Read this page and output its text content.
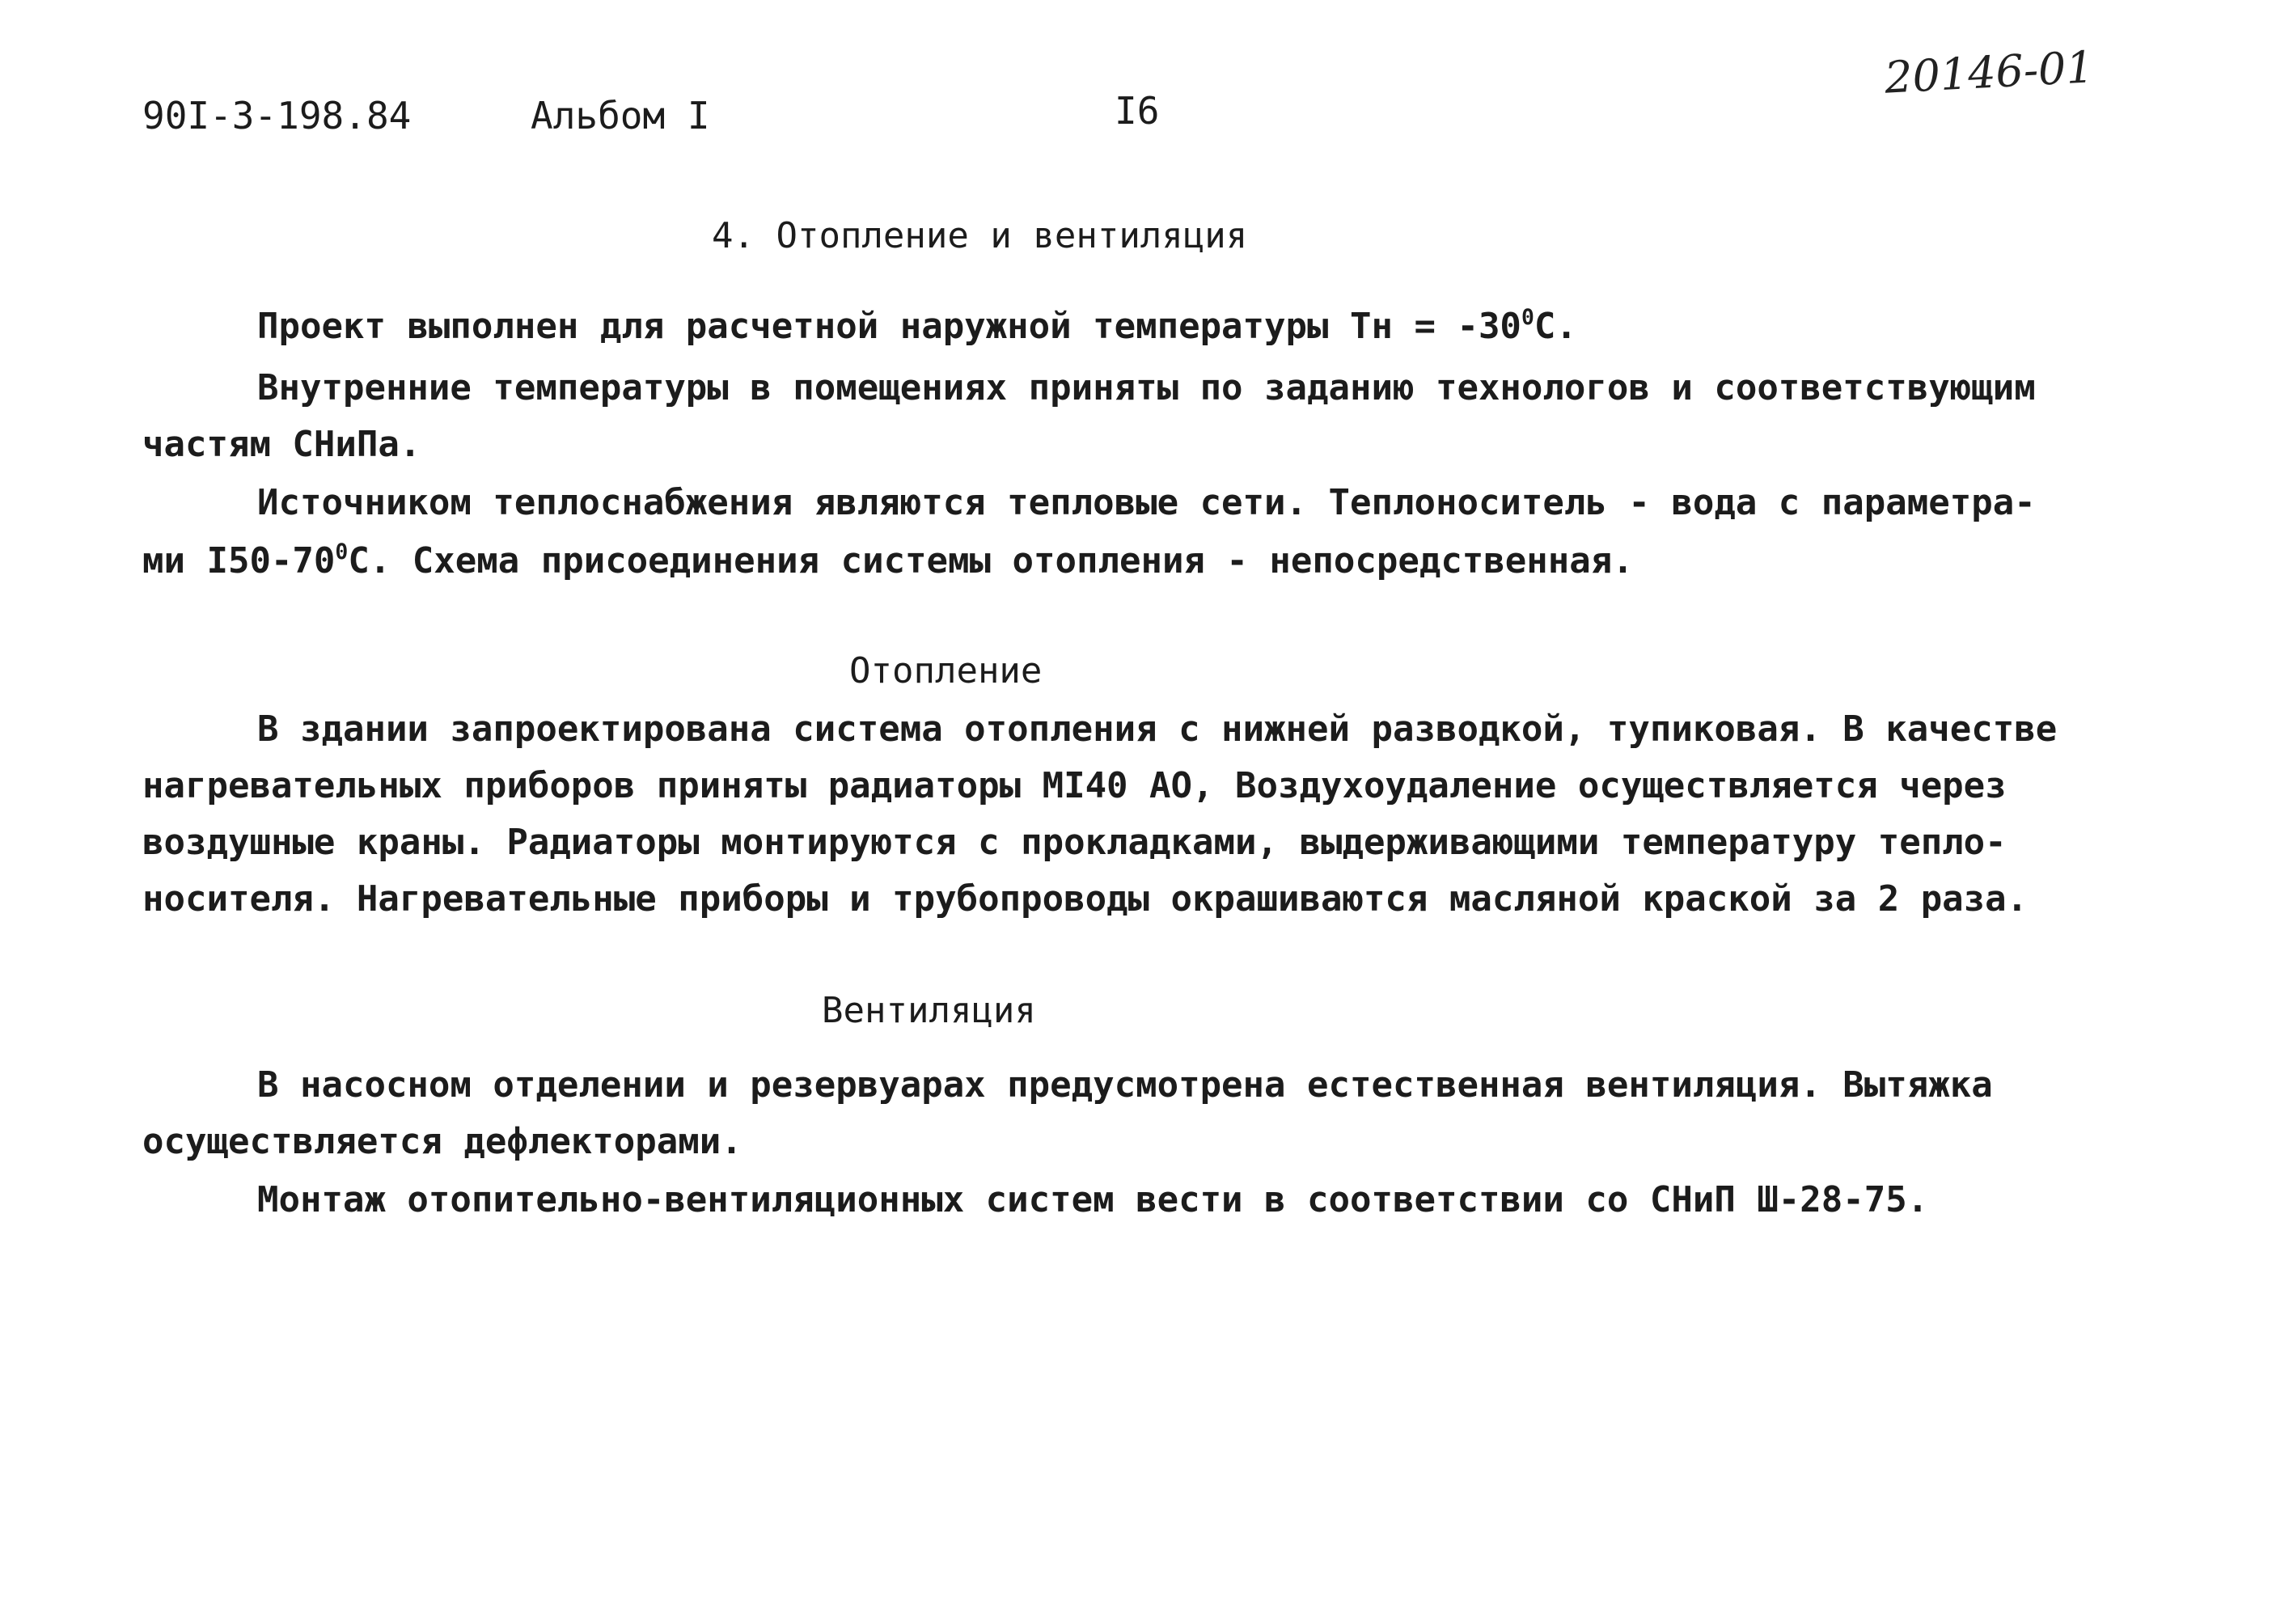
90I-3-198.84	Альбом I	I6
20146-01
4. Отопление и вентиляция
Проект выполнен для расчетной наружной температуры Тн = $-30^0С$.
Внутренние температуры в помещениях приняты по заданию технологов и соответствующим
частям СНиПа.
Источником теплоснабжения являются тепловые сети. Теплоноситель - вода с параметра-
ми $I50-70^0С$. Схема присоединения системы отопления - непосредственная.
Отопление
В здании запроектирована система отопления с нижней разводкой, тупиковая. В качестве
нагревательных приборов приняты радиаторы МI40 АО, Воздухоудаление осуществляется через
воздушные краны. Радиаторы монтируются с прокладками, выдерживающими температуру тепло-
носителя. Нагревательные приборы и трубопроводы окрашиваются масляной краской за 2 раза.
Вентиляция
В насосном отделении и резервуарах предусмотрена естественная вентиляция. Вытяжка
осуществляется дефлекторами.
Монтаж отопительно-вентиляционных систем вести в соответствии со СНиП Ш-28-75.
